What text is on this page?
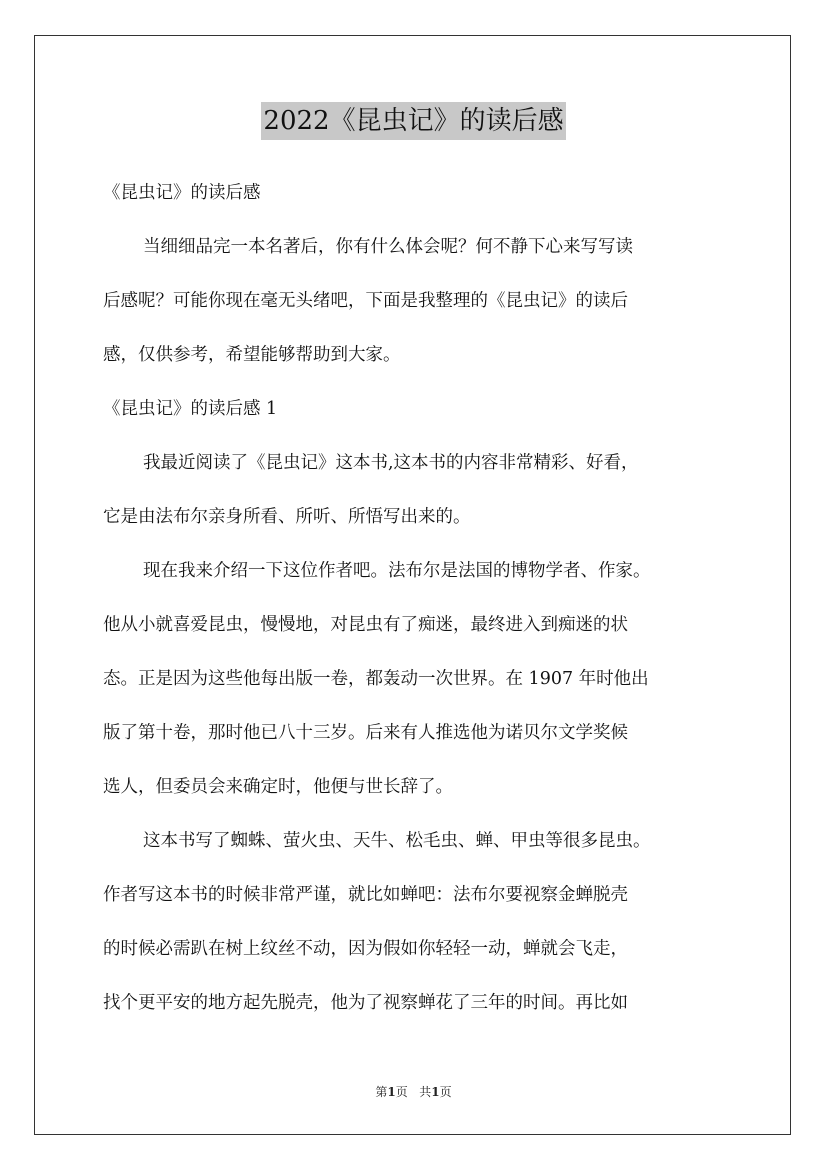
2022《昆虫记》的读后感
《昆虫记》的读后感
当细细品完一本名著后，你有什么体会呢？何不静下心来写写读
后感呢？可能你现在毫无头绪吧，下面是我整理的《昆虫记》的读后
感，仅供参考，希望能够帮助到大家。
《昆虫记》的读后感 1
我最近阅读了《昆虫记》这本书,这本书的内容非常精彩、好看，
它是由法布尔亲身所看、所听、所悟写出来的。
现在我来介绍一下这位作者吧。法布尔是法国的博物学者、作家。
他从小就喜爱昆虫，慢慢地，对昆虫有了痴迷，最终进入到痴迷的状
态。正是因为这些他每出版一卷，都轰动一次世界。在 1907 年时他出
版了第十卷，那时他已八十三岁。后来有人推选他为诺贝尔文学奖候
选人，但委员会来确定时，他便与世长辞了。
这本书写了蜘蛛、萤火虫、天牛、松毛虫、蝉、甲虫等很多昆虫。
作者写这本书的时候非常严谨，就比如蝉吧：法布尔要视察金蝉脱壳
的时候必需趴在树上纹丝不动，因为假如你轻轻一动，蝉就会飞走，
找个更平安的地方起先脱壳，他为了视察蝉花了三年的时间。再比如
第1页 共1页
